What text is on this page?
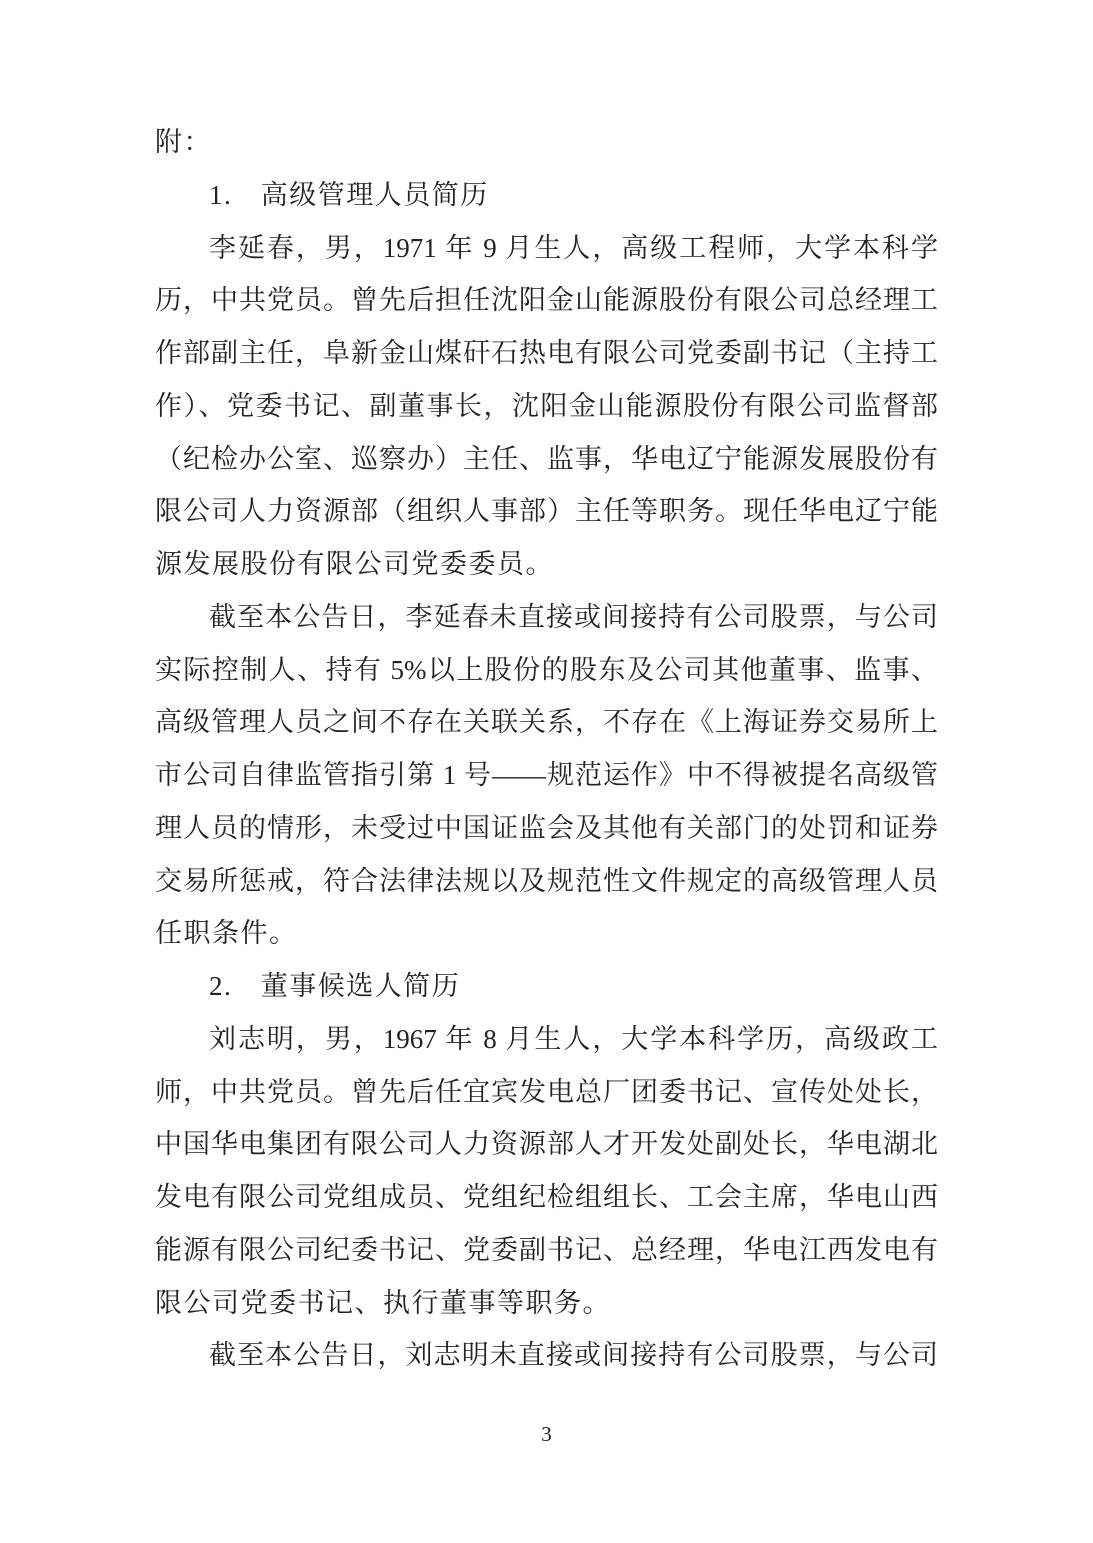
附：
1.　高级管理人员简历
李延春，男，1971 年 9 月生人，高级工程师，大学本科学
历，中共党员。曾先后担任沈阳金山能源股份有限公司总经理工
作部副主任，阜新金山煤矸石热电有限公司党委副书记（主持工
作）、党委书记、副董事长，沈阳金山能源股份有限公司监督部
（纪检办公室、巡察办）主任、监事，华电辽宁能源发展股份有
限公司人力资源部（组织人事部）主任等职务。现任华电辽宁能
源发展股份有限公司党委委员。
截至本公告日，李延春未直接或间接持有公司股票，与公司
实际控制人、持有 5%以上股份的股东及公司其他董事、监事、
高级管理人员之间不存在关联关系，不存在《上海证券交易所上
市公司自律监管指引第 1 号——规范运作》中不得被提名高级管
理人员的情形，未受过中国证监会及其他有关部门的处罚和证券
交易所惩戒，符合法律法规以及规范性文件规定的高级管理人员
任职条件。
2.　董事候选人简历
刘志明，男，1967 年 8 月生人，大学本科学历，高级政工
师，中共党员。曾先后任宜宾发电总厂团委书记、宣传处处长，
中国华电集团有限公司人力资源部人才开发处副处长，华电湖北
发电有限公司党组成员、党组纪检组组长、工会主席，华电山西
能源有限公司纪委书记、党委副书记、总经理，华电江西发电有
限公司党委书记、执行董事等职务。
截至本公告日，刘志明未直接或间接持有公司股票，与公司
3
